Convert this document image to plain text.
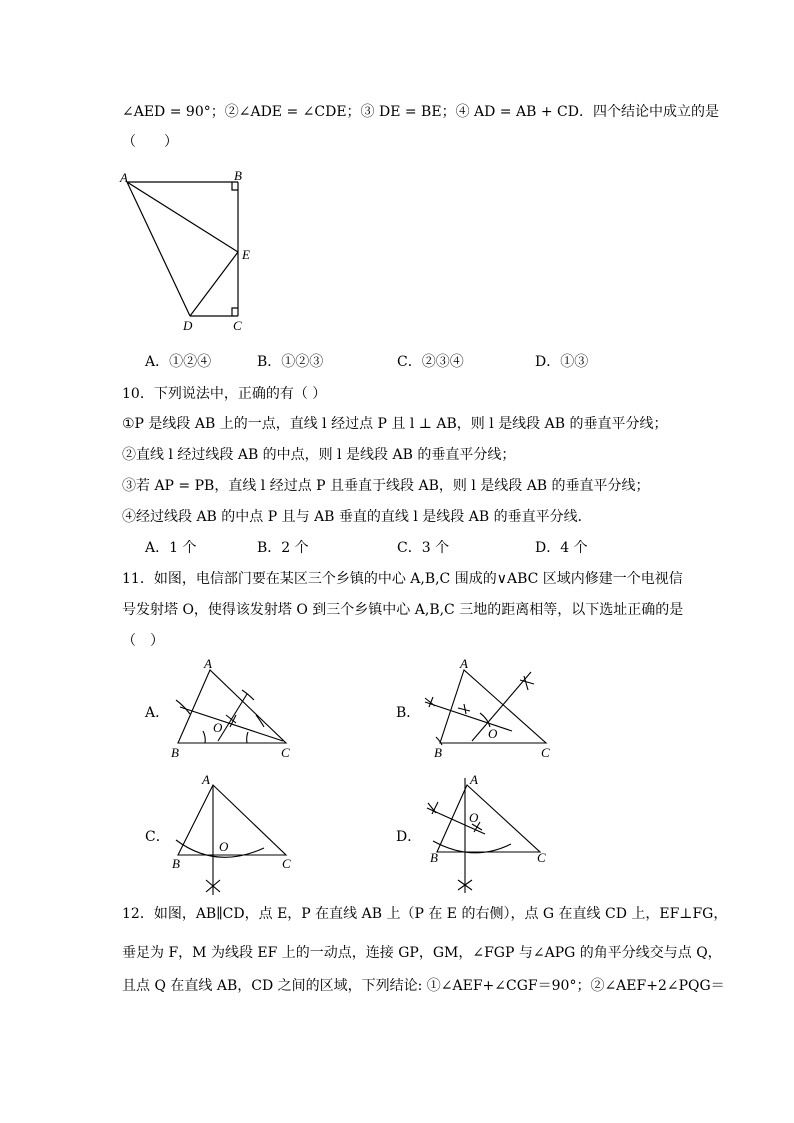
∠AED = 90°；②∠ADE = ∠CDE；③ DE = BE；④ AD = AB + CD．四个结论中成立的是
（　　）
A	B
E
D	C
A．①②④	B．①②③	C．②③④	D．①③
10．下列说法中，正确的有（ ）
①P 是线段 AB 上的一点，直线 l 经过点 P 且 l ⊥ AB，则 l 是线段 AB 的垂直平分线；
②直线 l 经过线段 AB 的中点，则 l 是线段 AB 的垂直平分线；
③若 AP = PB，直线 l 经过点 P 且垂直于线段 AB，则 l 是线段 AB 的垂直平分线；
④经过线段 AB 的中点 P 且与 AB 垂直的直线 l 是线段 AB 的垂直平分线．
A．1 个	B．2 个	C．3 个	D．4 个
11．如图，电信部门要在某区三个乡镇的中心 A,B,C 围成的∨ABC 区域内修建一个电视信
号发射塔 O，使得该发射塔 O 到三个乡镇中心 A,B,C 三地的距离相等，以下选址正确的是
（　）
A．	B．
C．	D．
A
B	C
O
A
B	C
O
A
B	C
O
A
B	C
O
12．如图，AB∥CD，点 E，P 在直线 AB 上（P 在 E 的右侧），点 G 在直线 CD 上，EF⊥FG，
垂足为 F，M 为线段 EF 上的一动点，连接 GP，GM，∠FGP 与∠APG 的角平分线交与点 Q，
且点 Q 在直线 AB，CD 之间的区域，下列结论: ①∠AEF+∠CGF＝90°；②∠AEF+2∠PQG＝
